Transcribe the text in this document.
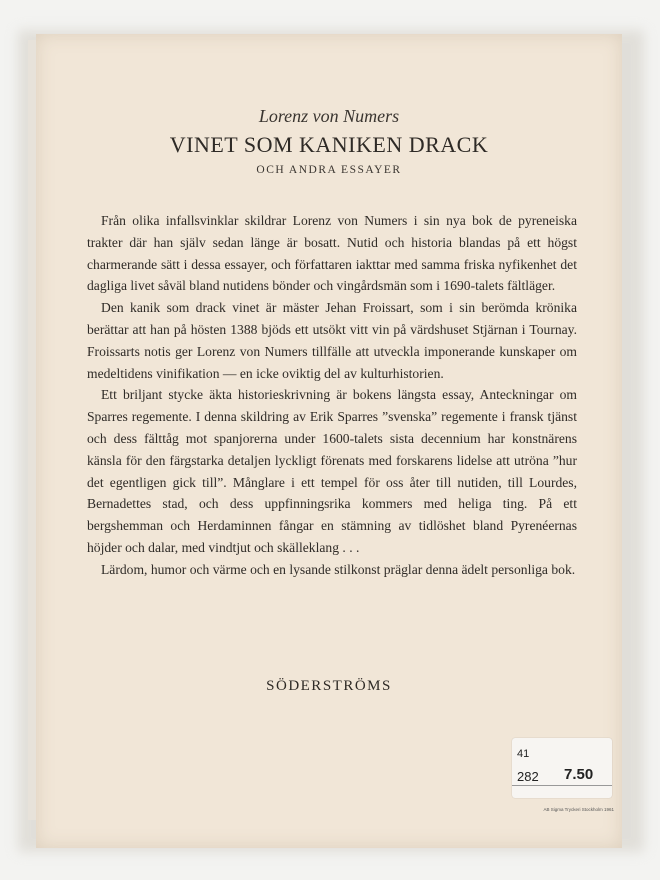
Lorenz von Numers
VINET SOM KANIKEN DRACK
OCH ANDRA ESSAYER

Från olika infallsvinklar skildrar Lorenz von Numers i sin nya bok de pyreneiska trakter där han själv sedan länge är bosatt. Nutid och historia blandas på ett högst charmerande sätt i dessa essayer, och författaren iakttar med samma friska nyfikenhet det dagliga livet såväl bland nutidens bönder och vingårdsmän som i 1690-talets fältläger.

Den kanik som drack vinet är mäster Jehan Froissart, som i sin berömda krönika berättar att han på hösten 1388 bjöds ett utsökt vitt vin på värdshuset Stjärnan i Tournay. Froissarts notis ger Lorenz von Numers tillfälle att utveckla imponerande kunskaper om medeltidens vinifikation — en icke oviktig del av kulturhistorien.

Ett briljant stycke äkta historieskrivning är bokens längsta essay, Anteckningar om Sparres regemente. I denna skildring av Erik Sparres ”svenska” regemente i fransk tjänst och dess fälttåg mot spanjorerna under 1600-talets sista decennium har konstnärens känsla för den färgstarka detaljen lyckligt förenats med forskarens lidelse att utröna ”hur det egentligen gick till”. Månglare i ett tempel för oss åter till nutiden, till Lourdes, Bernadettes stad, och dess uppfinningsrika kommers med heliga ting. På ett bergshemman och Herdaminnen fångar en stämning av tidlöshet bland Pyrenéernas höjder och dalar, med vindtjut och skälleklang . . .

Lärdom, humor och värme och en lysande stilkonst präglar denna ädelt personliga bok.

SÖDERSTRÖMS
41
282 7.50
AB Sigma Tryckeri Stockholm 1961
